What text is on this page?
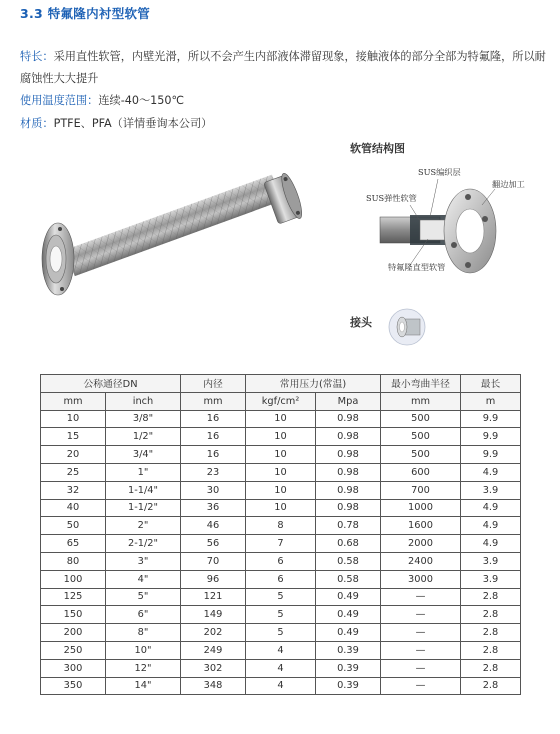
3.3 特氟隆内衬型软管
特长：采用直性软管，内壁光滑，所以不会产生内部液体滞留现象，接触液体的部分全部为特氟隆，所以耐腐蚀性大大提升
使用温度范围：连续-40～150℃
材质：PTFE、PFA（详情垂询本公司）
软管结构图
SUS编织层
SUS弹性软管
翻边加工
特氟隆直型软管
接头
公称通径DN		内径	常用压力(常温)		最小弯曲半径	最长
mm	inch	mm	kgf/cm²	Mpa	mm	m
10	3/8"	16	10	0.98	500	9.9
15	1/2"	16	10	0.98	500	9.9
20	3/4"	16	10	0.98	500	9.9
25	1"	23	10	0.98	600	4.9
32	1-1/4"	30	10	0.98	700	3.9
40	1-1/2"	36	10	0.98	1000	4.9
50	2"	46	8	0.78	1600	4.9
65	2-1/2"	56	7	0.68	2000	4.9
80	3"	70	6	0.58	2400	3.9
100	4"	96	6	0.58	3000	3.9
125	5"	121	5	0.49	—	2.8
150	6"	149	5	0.49	—	2.8
200	8"	202	5	0.49	—	2.8
250	10"	249	4	0.39	—	2.8
300	12"	302	4	0.39	—	2.8
350	14"	348	4	0.39	—	2.8
